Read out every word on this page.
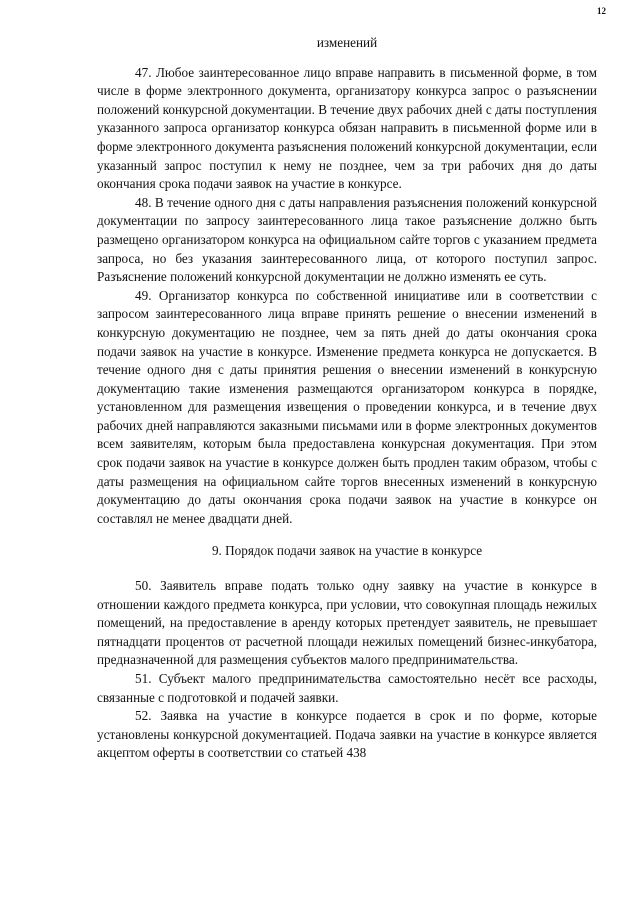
12

изменений

47. Любое заинтересованное лицо вправе направить в письменной форме, в том числе в форме электронного документа, организатору конкурса запрос о разъяснении положений конкурсной документации. В течение двух рабочих дней с даты поступления указанного запроса организатор конкурса обязан направить в письменной форме или в форме электронного документа разъяснения положений конкурсной документации, если указанный запрос поступил к нему не позднее, чем за три рабочих дня до даты окончания срока подачи заявок на участие в конкурсе.

48. В течение одного дня с даты направления разъяснения положений конкурсной документации по запросу заинтересованного лица такое разъяснение должно быть размещено организатором конкурса на официальном сайте торгов с указанием предмета запроса, но без указания заинтересованного лица, от которого поступил запрос. Разъяснение положений конкурсной документации не должно изменять ее суть.

49. Организатор конкурса по собственной инициативе или в соответствии с запросом заинтересованного лица вправе принять решение о внесении изменений в конкурсную документацию не позднее, чем за пять дней до даты окончания срока подачи заявок на участие в конкурсе. Изменение предмета конкурса не допускается. В течение одного дня с даты принятия решения о внесении изменений в конкурсную документацию такие изменения размещаются организатором конкурса в порядке, установленном для размещения извещения о проведении конкурса, и в течение двух рабочих дней направляются заказными письмами или в форме электронных документов всем заявителям, которым была предоставлена конкурсная документация. При этом срок подачи заявок на участие в конкурсе должен быть продлен таким образом, чтобы с даты размещения на официальном сайте торгов внесенных изменений в конкурсную документацию до даты окончания срока подачи заявок на участие в конкурсе он составлял не менее двадцати дней.

9. Порядок подачи заявок на участие в конкурсе

50. Заявитель вправе подать только одну заявку на участие в конкурсе в отношении каждого предмета конкурса, при условии, что совокупная площадь нежилых помещений, на предоставление в аренду которых претендует заявитель, не превышает пятнадцати процентов от расчетной площади нежилых помещений бизнес-инкубатора, предназначенной для размещения субъектов малого предпринимательства.

51. Субъект малого предпринимательства самостоятельно несёт все расходы, связанные с подготовкой и подачей заявки.

52. Заявка на участие в конкурсе подается в срок и по форме, которые установлены конкурсной документацией. Подача заявки на участие в конкурсе является акцептом оферты в соответствии со статьей 438
